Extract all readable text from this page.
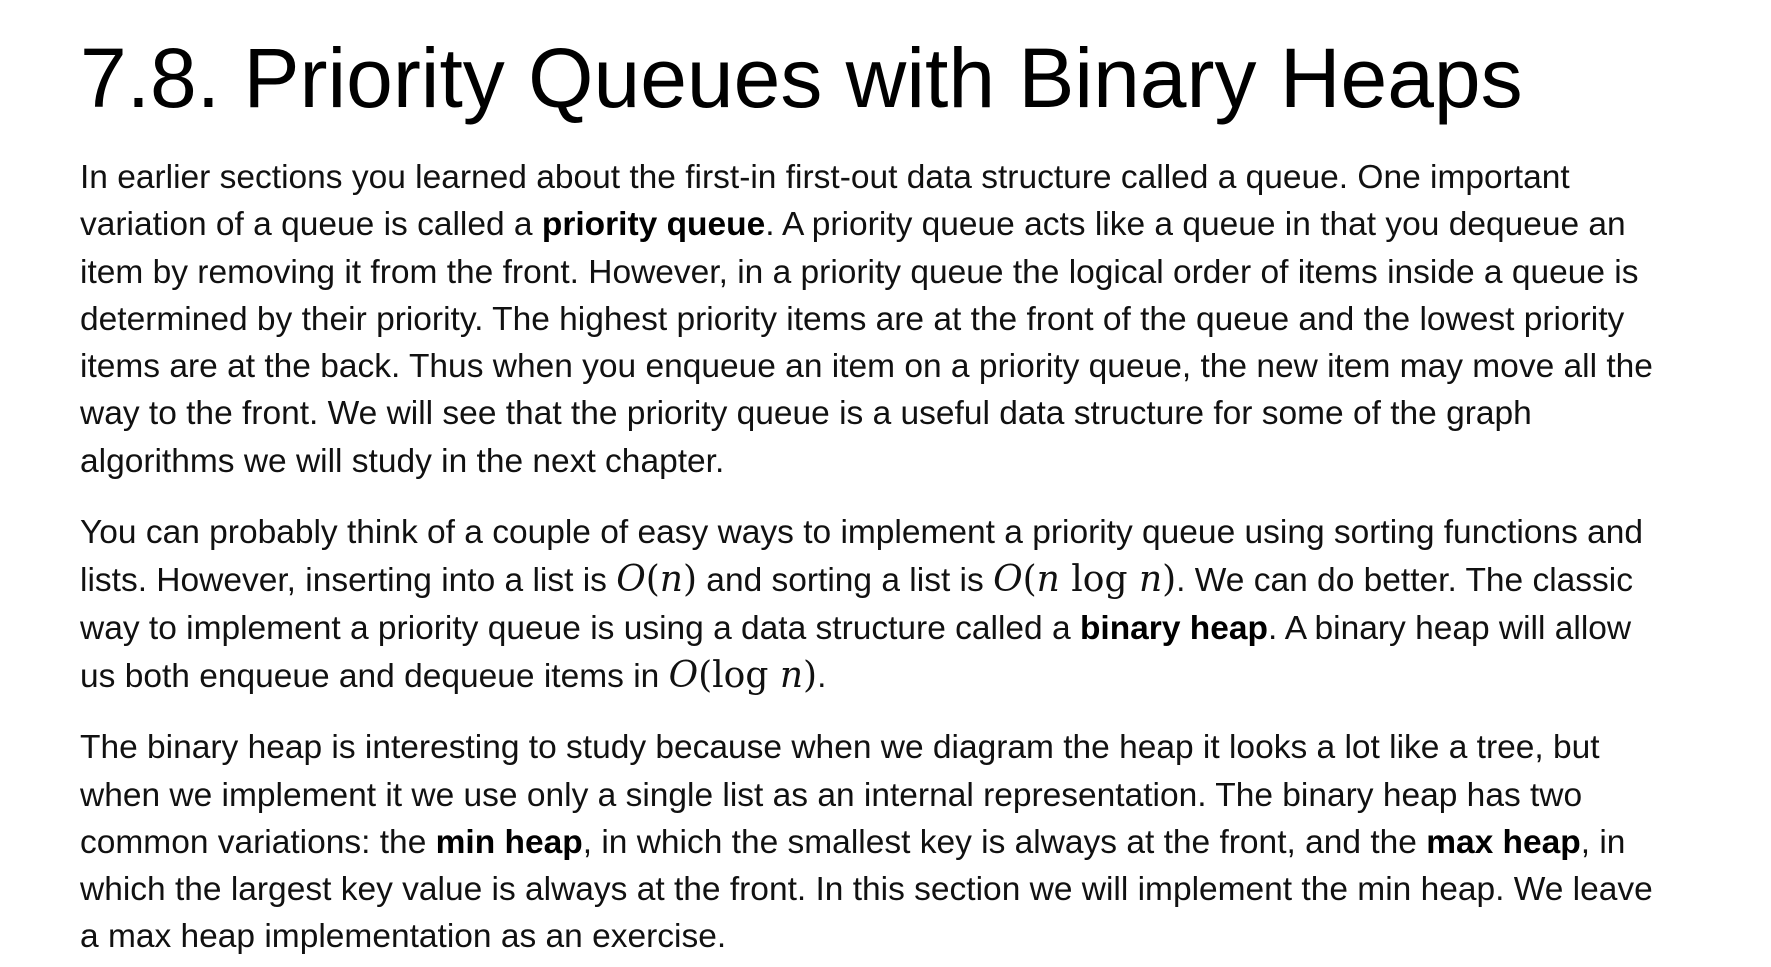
7.8. Priority Queues with Binary Heaps

In earlier sections you learned about the first-in first-out data structure called a queue. One important
variation of a queue is called a priority queue. A priority queue acts like a queue in that you dequeue an
item by removing it from the front. However, in a priority queue the logical order of items inside a queue is
determined by their priority. The highest priority items are at the front of the queue and the lowest priority
items are at the back. Thus when you enqueue an item on a priority queue, the new item may move all the
way to the front. We will see that the priority queue is a useful data structure for some of the graph
algorithms we will study in the next chapter.

You can probably think of a couple of easy ways to implement a priority queue using sorting functions and
lists. However, inserting into a list is O(n) and sorting a list is O(n log n). We can do better. The classic
way to implement a priority queue is using a data structure called a binary heap. A binary heap will allow
us both enqueue and dequeue items in O(log n).

The binary heap is interesting to study because when we diagram the heap it looks a lot like a tree, but
when we implement it we use only a single list as an internal representation. The binary heap has two
common variations: the min heap, in which the smallest key is always at the front, and the max heap, in
which the largest key value is always at the front. In this section we will implement the min heap. We leave
a max heap implementation as an exercise.
